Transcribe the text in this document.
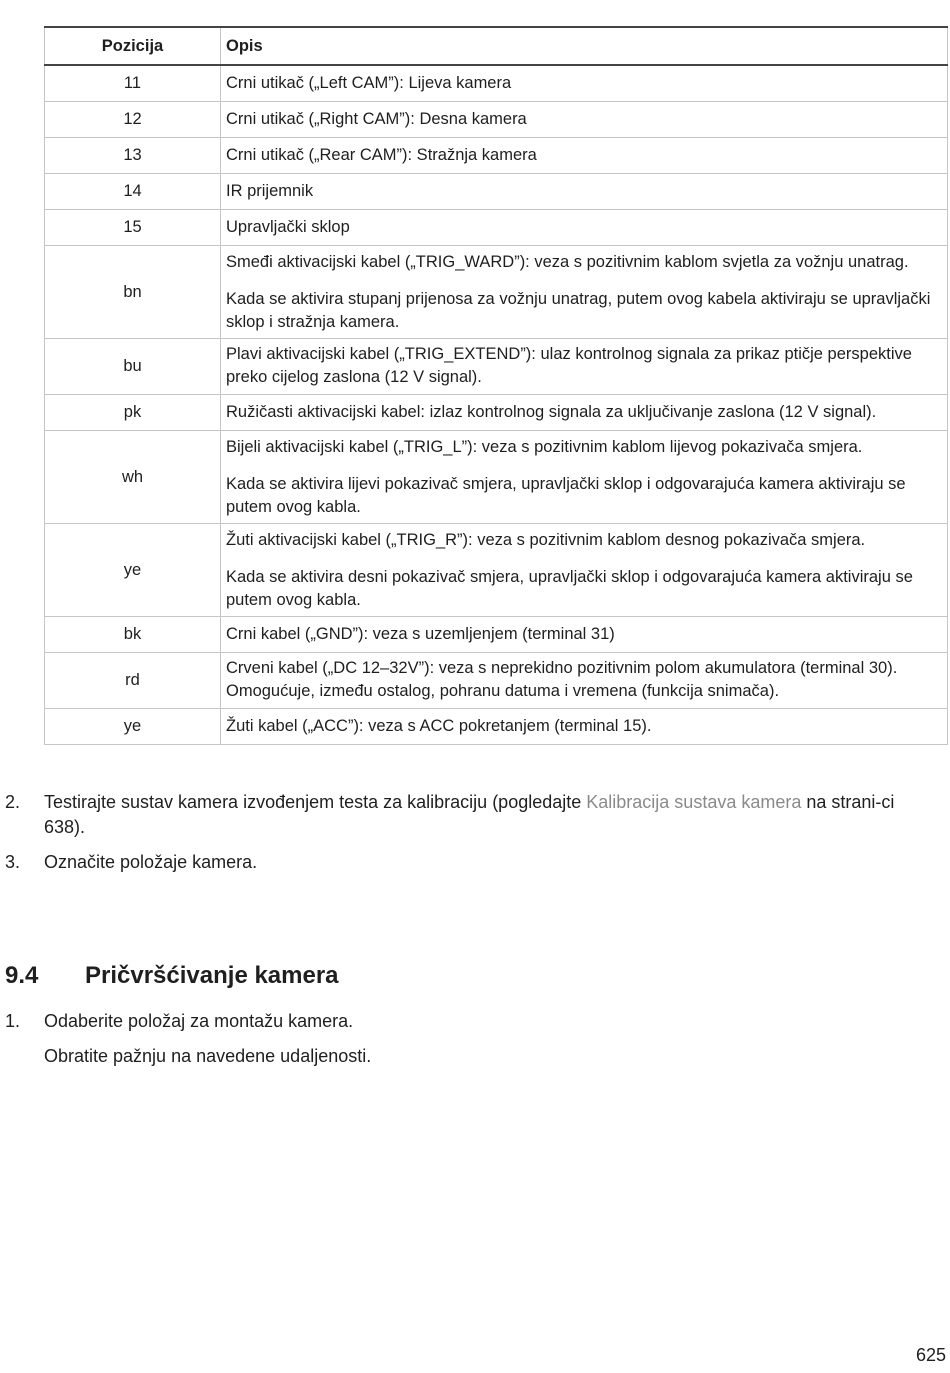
Pozicija	Opis
11	Crni utikač („Left CAM”): Lijeva kamera

12	Crni utikač („Right CAM”): Desna kamera

13	Crni utikač („Rear CAM”): Stražnja kamera

14	IR prijemnik

15	Upravljački sklop

bn	Smeđi aktivacijski kabel („TRIG_WARD”): veza s pozitivnim kablom svjetla za vožnju unatrag.
Kada se aktivira stupanj prijenosa za vožnju unatrag, putem ovog kabela aktiviraju se upravljački sklop i stražnja kamera.

bu	Plavi aktivacijski kabel („TRIG_EXTEND”): ulaz kontrolnog signala za prikaz ptičje perspektive preko cijelog zaslona (12 V signal).

pk	Ružičasti aktivacijski kabel: izlaz kontrolnog signala za uključivanje zaslona (12 V signal).

wh	Bijeli aktivacijski kabel („TRIG_L”): veza s pozitivnim kablom lijevog pokazivača smjera.
Kada se aktivira lijevi pokazivač smjera, upravljački sklop i odgovarajuća kamera aktiviraju se putem ovog kabla.

ye	Žuti aktivacijski kabel („TRIG_R”): veza s pozitivnim kablom desnog pokazivača smjera.
Kada se aktivira desni pokazivač smjera, upravljački sklop i odgovarajuća kamera aktiviraju se putem ovog kabla.

bk	Crni kabel („GND”): veza s uzemljenjem (terminal 31)

rd	Crveni kabel („DC 12–32V”): veza s neprekidno pozitivnim polom akumulatora (terminal 30). Omogućuje, između ostalog, pohranu datuma i vremena (funkcija snimača).

ye	Žuti kabel („ACC”): veza s ACC pokretanjem (terminal 15).
2. Testirajte sustav kamera izvođenjem testa za kalibraciju (pogledajte Kalibracija sustava kamera na strani-ci 638).
3. Označite položaje kamera.
9.4 Pričvršćivanje kamera
1. Odaberite položaj za montažu kamera.
Obratite pažnju na navedene udaljenosti.
625
